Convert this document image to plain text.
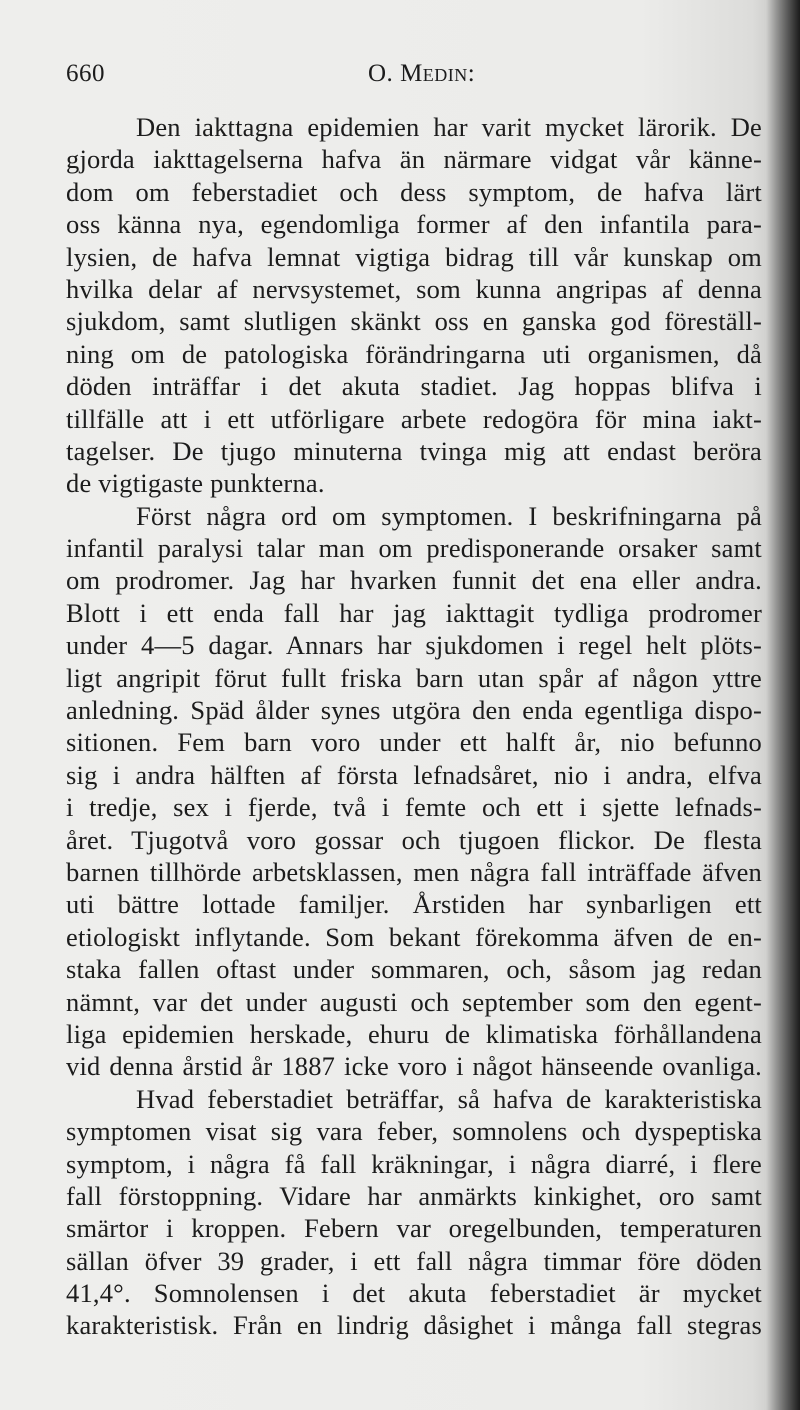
660	O. Medin:
Den iakttagna epidemien har varit mycket lärorik. De
gjorda iakttagelserna hafva än närmare vidgat vår känne-
dom om feberstadiet och dess symptom, de hafva lärt
oss känna nya, egendomliga former af den infantila para-
lysien, de hafva lemnat vigtiga bidrag till vår kunskap om
hvilka delar af nervsystemet, som kunna angripas af denna
sjukdom, samt slutligen skänkt oss en ganska god föreställ-
ning om de patologiska förändringarna uti organismen, då
döden inträffar i det akuta stadiet. Jag hoppas blifva i
tillfälle att i ett utförligare arbete redogöra för mina iakt-
tagelser. De tjugo minuterna tvinga mig att endast beröra
de vigtigaste punkterna.
Först några ord om symptomen. I beskrifningarna på
infantil paralysi talar man om predisponerande orsaker samt
om prodromer. Jag har hvarken funnit det ena eller andra.
Blott i ett enda fall har jag iakttagit tydliga prodromer
under 4—5 dagar. Annars har sjukdomen i regel helt plöts-
ligt angripit förut fullt friska barn utan spår af någon yttre
anledning. Späd ålder synes utgöra den enda egentliga dispo-
sitionen. Fem barn voro under ett halft år, nio befunno
sig i andra hälften af första lefnadsåret, nio i andra, elfva
i tredje, sex i fjerde, två i femte och ett i sjette lefnads-
året. Tjugotvå voro gossar och tjugoen flickor. De flesta
barnen tillhörde arbetsklassen, men några fall inträffade äfven
uti bättre lottade familjer. Årstiden har synbarligen ett
etiologiskt inflytande. Som bekant förekomma äfven de en-
staka fallen oftast under sommaren, och, såsom jag redan
nämnt, var det under augusti och september som den egent-
liga epidemien herskade, ehuru de klimatiska förhållandena
vid denna årstid år 1887 icke voro i något hänseende ovanliga.
Hvad feberstadiet beträffar, så hafva de karakteristiska
symptomen visat sig vara feber, somnolens och dyspeptiska
symptom, i några få fall kräkningar, i några diarré, i flere
fall förstoppning. Vidare har anmärkts kinkighet, oro samt
smärtor i kroppen. Febern var oregelbunden, temperaturen
sällan öfver 39 grader, i ett fall några timmar före döden
41,4°. Somnolensen i det akuta feberstadiet är mycket
karakteristisk. Från en lindrig dåsighet i många fall stegras
